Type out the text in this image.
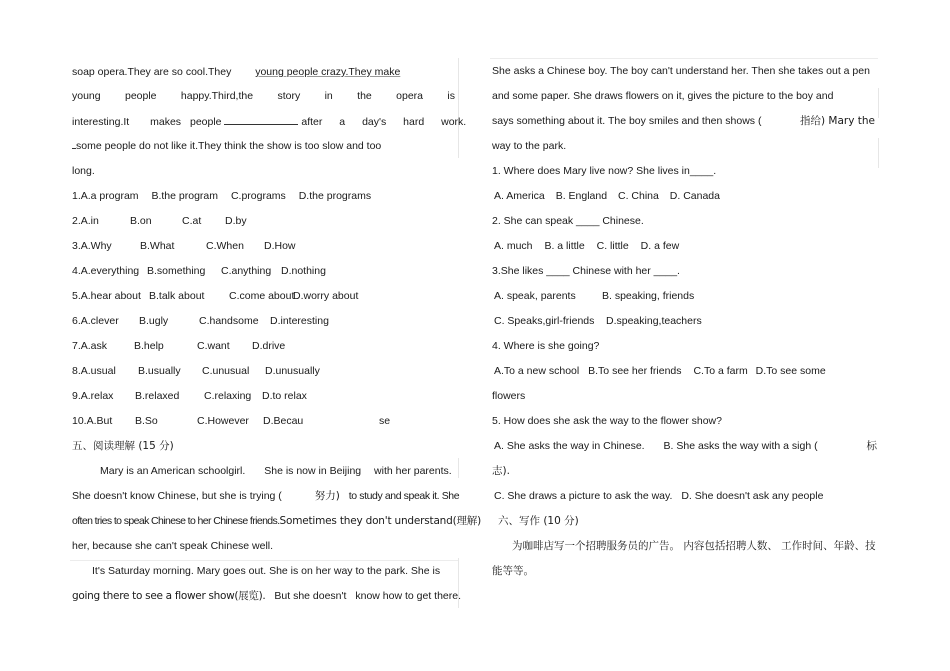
soap opera.They are so cool.They young people crazy.They make
young people happy.Third,the story in the opera is
interesting.It makes people	after a day's hard work.
some people do not like it.They think the show is too slow and too
long.
1.A.a program B.the program C.programs D.the programs
2.A.in	B.on	C.at D.by
3.A.Why	B.What	C.When D.How
4.A.everything B.something C.anything D.nothing
5.A.hear about B.talk about C.come aboutD.worry about
6.A.clever B.ugly	C.handsome D.interesting
7.A.ask	B.help	C.want D.drive
8.A.usual B.usually C.unusual D.unusually
9.A.relax B.relaxed C.relaxing D.to relax
10.A.But B.So	C.However D.Becau	se
五、阅读理解 (15 分)
Mary is an American schoolgirl. She is now in Beijing with her parents.
She doesn't know Chinese, but she is trying (	努力) to study and speak it. She
often tries to speak Chinese to her Chinese friends.Sometimes they don't understand(理解)
her, because she can't speak Chinese well.
It's Saturday morning. Mary goes out. She is on her way to the park. She is
going there to see a flower show(展览). But she doesn't know how to get there.
She asks a Chinese boy. The boy can't understand her. Then she takes out a pen
and some paper. She draws flowers on it, gives the picture to the boy and
says something about it. The boy smiles and then shows (	指给) Mary the
way to the park.
1. Where does Mary live now? She lives in____.
A. America B. England C. China D. Canada
2. She can speak ____ Chinese.
A. much B. a little C. little D. a few
3.She likes ____ Chinese with her ____.
A. speak, parents	B. speaking, friends
C. Speaks,girl-friends D.speaking,teachers
4. Where is she going?
A.To a new school B.To see her friends C.To a farm D.To see some
flowers
5. How does she ask the way to the flower show?
A. She asks the way in Chinese. B. She asks the way with a sigh (	标
志).
C. She draws a picture to ask the way. D. She doesn't ask any people
六、写作 (10 分)
为咖啡店写一个招聘服务员的广告。 内容包括招聘人数、 工作时间、年龄、技
能等等。
